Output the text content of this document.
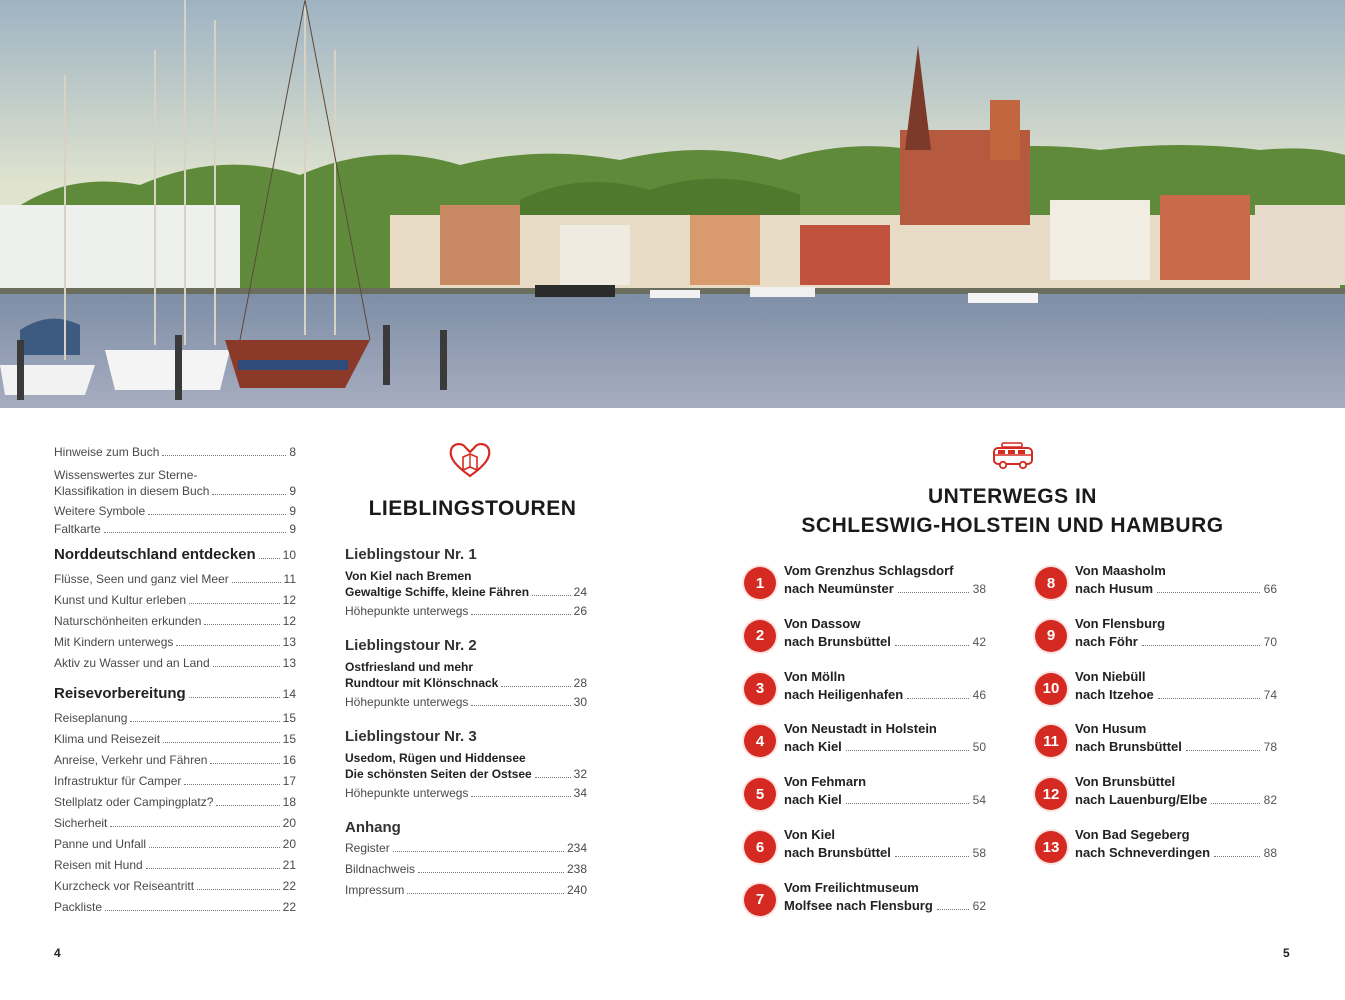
Hinweise zum Buch	8
Wissenswertes zur Sterne-
Klassifikation in diesem Buch	9
Weitere Symbole	9
Faltkarte	9
Norddeutschland entdecken 10
Flüsse, Seen und ganz viel Meer	11
Kunst und Kultur erleben	12
Naturschönheiten erkunden	12
Mit Kindern unterwegs	13
Aktiv zu Wasser und an Land	13
Reisevorbereitung	14
Reiseplanung	15
Klima und Reisezeit	15
Anreise, Verkehr und Fähren	16
Infrastruktur für Camper	17
Stellplatz oder Campingplatz?	18
Sicherheit	20
Panne und Unfall	20
Reisen mit Hund	21
Kurzcheck vor Reiseantritt	22
Packliste	22
LIEBLINGSTOUREN
Lieblingstour Nr. 1
Von Kiel nach Bremen
Gewaltige Schiffe, kleine Fähren	24
Höhepunkte unterwegs	26
Lieblingstour Nr. 2
Ostfriesland und mehr
Rundtour mit Klönschnack	28
Höhepunkte unterwegs	30
Lieblingstour Nr. 3
Usedom, Rügen und Hiddensee
Die schönsten Seiten der Ostsee	32
Höhepunkte unterwegs	34
Anhang
Register	234
Bildnachweis	238
Impressum	240
UNTERWEGS IN
SCHLESWIG-HOLSTEIN UND HAMBURG
1
Vom Grenzhus Schlagsdorf
nach Neumünster	38
2
Von Dassow
nach Brunsbüttel	42
3
Von Mölln
nach Heiligenhafen	46
4
Von Neustadt in Holstein
nach Kiel	50
5
Von Fehmarn
nach Kiel	54
6
Von Kiel
nach Brunsbüttel	58
7
Vom Freilichtmuseum
Molfsee nach Flensburg	62
8
Von Maasholm
nach Husum	66
9
Von Flensburg
nach Föhr	70
10
Von Niebüll
nach Itzehoe	74
11
Von Husum
nach Brunsbüttel	78
12
Von Brunsbüttel
nach Lauenburg/Elbe	82
13
Von Bad Segeberg
nach Schneverdingen	88
4	5
